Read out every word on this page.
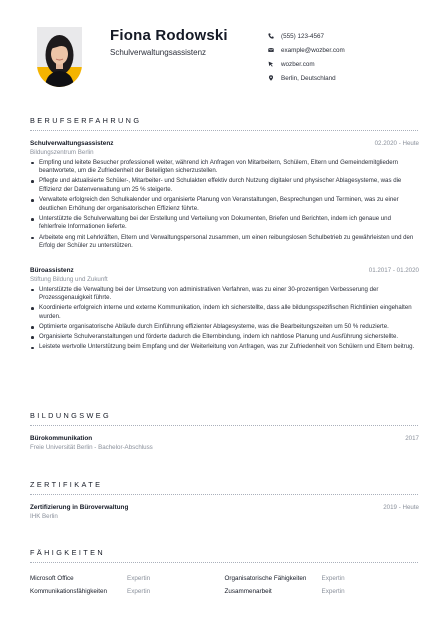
Fiona Rodowski
Schulverwaltungsassistenz
(555) 123-4567
example@wozber.com
wozber.com
Berlin, Deutschland
BERUFSERFAHRUNG
Schulverwaltungsassistenz	02.2020 - Heute
Bildungszentrum Berlin
Empfing und leitete Besucher professionell weiter, während ich Anfragen von Mitarbeitern, Schülern, Eltern und Gemeindemitgliedern beantwortete, um die Zufriedenheit der Beteiligten sicherzustellen.
Pflegte und aktualisierte Schüler-, Mitarbeiter- und Schulakten effektiv durch Nutzung digitaler und physischer Ablagesysteme, was die Effizienz der Datenverwaltung um 25 % steigerte.
Verwaltete erfolgreich den Schulkalender und organisierte Planung von Veranstaltungen, Besprechungen und Terminen, was zu einer deutlichen Erhöhung der organisatorischen Effizienz führte.
Unterstützte die Schulverwaltung bei der Erstellung und Verteilung von Dokumenten, Briefen und Berichten, indem ich genaue und fehlerfreie Informationen lieferte.
Arbeitete eng mit Lehrkräften, Eltern und Verwaltungspersonal zusammen, um einen reibungslosen Schulbetrieb zu gewährleisten und den Erfolg der Schüler zu unterstützen.
Büroassistenz	01.2017 - 01.2020
Stiftung Bildung und Zukunft
Unterstützte die Verwaltung bei der Umsetzung von administrativen Verfahren, was zu einer 30-prozentigen Verbesserung der Prozessgenauigkeit führte.
Koordinierte erfolgreich interne und externe Kommunikation, indem ich sicherstellte, dass alle bildungsspezifischen Richtlinien eingehalten wurden.
Optimierte organisatorische Abläufe durch Einführung effizienter Ablagesysteme, was die Bearbeitungszeiten um 50 % reduzierte.
Organisierte Schulveranstaltungen und förderte dadurch die Elternbindung, indem ich nahtlose Planung und Ausführung sicherstellte.
Leistete wertvolle Unterstützung beim Empfang und der Weiterleitung von Anfragen, was zur Zufriedenheit von Schülern und Eltern beitrug.
BILDUNGSWEG
Bürokommunikation	2017
Freie Universität Berlin - Bachelor-Abschluss
ZERTIFIKATE
Zertifizierung in Büroverwaltung	2019 - Heute
IHK Berlin
FÄHIGKEITEN
Microsoft Office	Expertin	Organisatorische Fähigkeiten	Expertin
Kommunikationsfähigkeiten	Expertin	Zusammenarbeit	Expertin
